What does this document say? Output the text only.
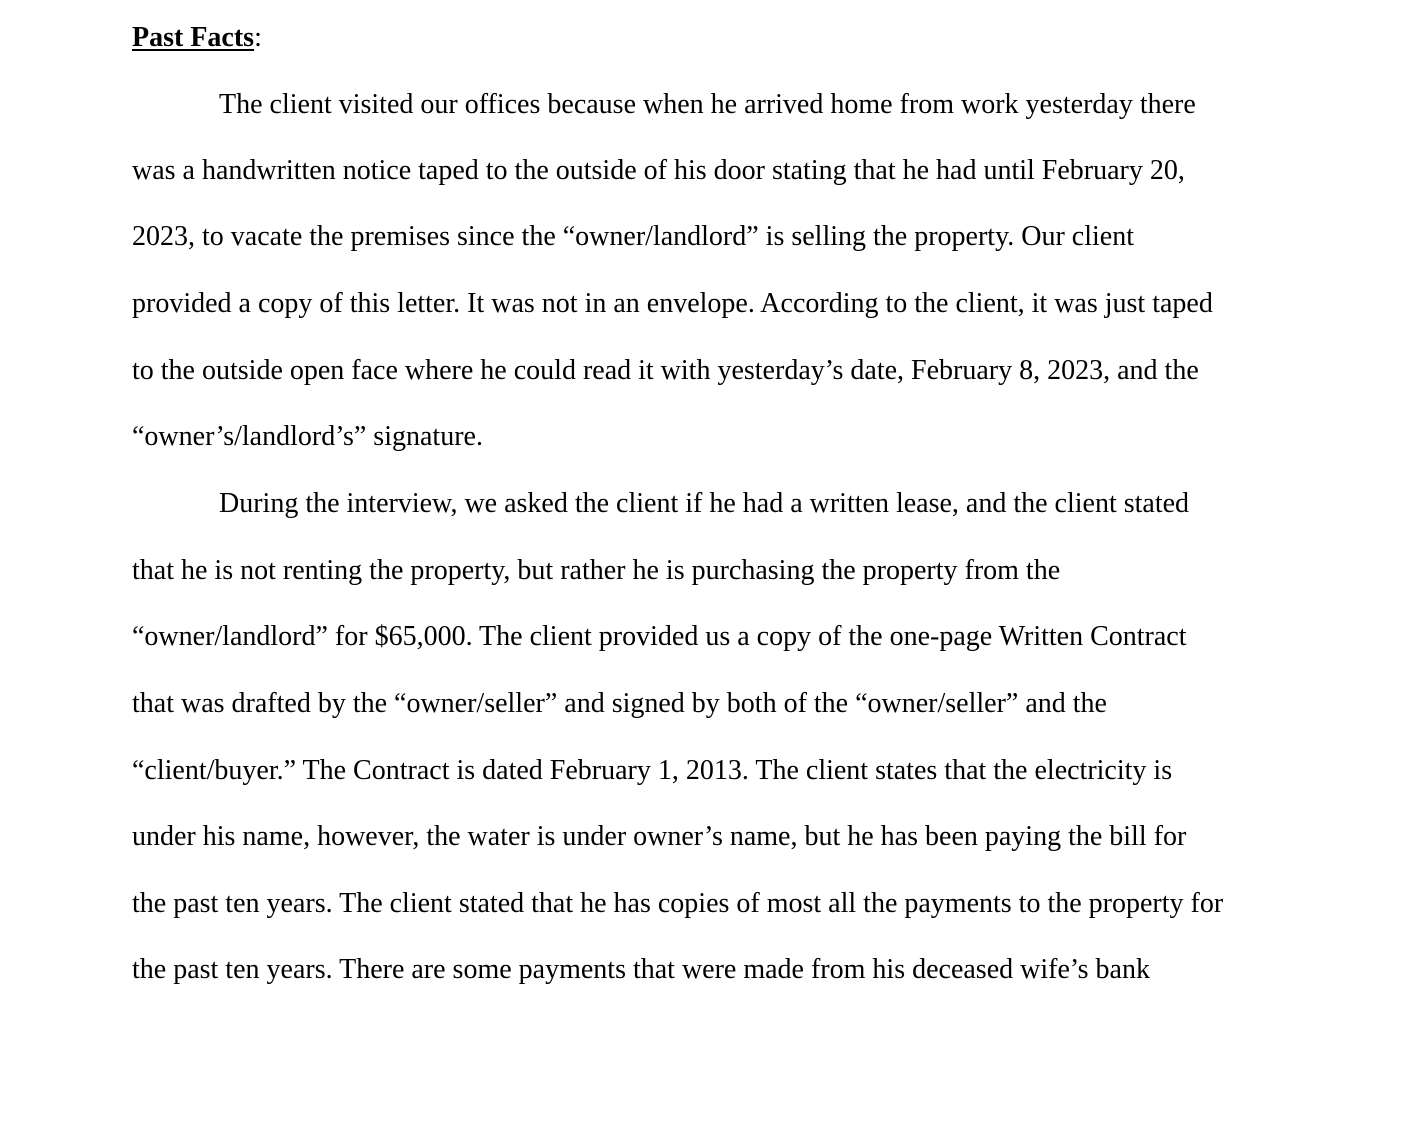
Past Facts:
The client visited our offices because when he arrived home from work yesterday there
was a handwritten notice taped to the outside of his door stating that he had until February 20,
2023, to vacate the premises since the “owner/landlord” is selling the property. Our client
provided a copy of this letter. It was not in an envelope. According to the client, it was just taped
to the outside open face where he could read it with yesterday’s date, February 8, 2023, and the
“owner’s/landlord’s” signature.
During the interview, we asked the client if he had a written lease, and the client stated
that he is not renting the property, but rather he is purchasing the property from the
“owner/landlord” for $65,000. The client provided us a copy of the one-page Written Contract
that was drafted by the “owner/seller” and signed by both of the “owner/seller” and the
“client/buyer.” The Contract is dated February 1, 2013. The client states that the electricity is
under his name, however, the water is under owner’s name, but he has been paying the bill for
the past ten years. The client stated that he has copies of most all the payments to the property for
the past ten years. There are some payments that were made from his deceased wife’s bank
